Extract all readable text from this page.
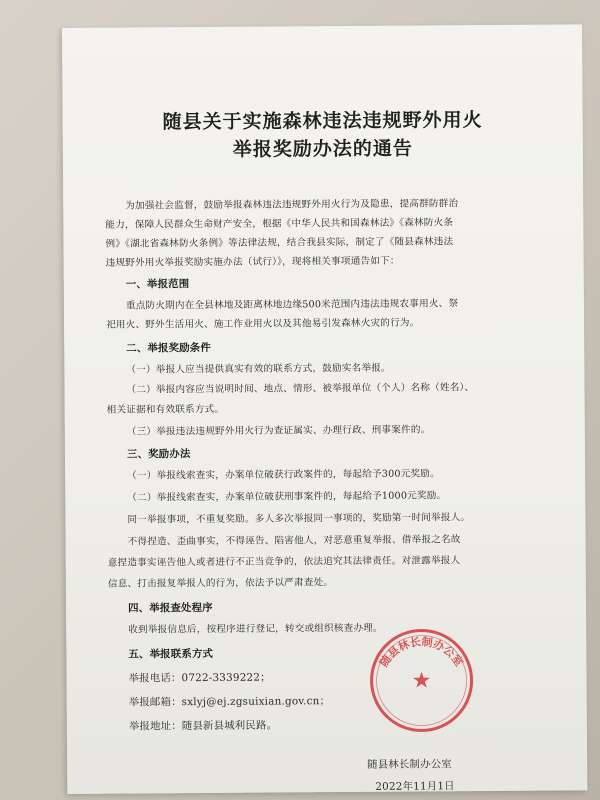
随县关于实施森林违法违规野外用火
举报奖励办法的通告
为加强社会监督，鼓励举报森林违法违规野外用火行为及隐患，提高群防群治
能力，保障人民群众生命财产安全，根据《中华人民共和国森林法》《森林防火条
例》《湖北省森林防火条例》等法律法规，结合我县实际，制定了《随县森林违法
违规野外用火举报奖励实施办法（试行）》，现将相关事项通告如下：
一、举报范围
重点防火期内在全县林地及距离林地边缘500米范围内违法违规农事用火、祭
祀用火、野外生活用火、施工作业用火以及其他易引发森林火灾的行为。
二、举报奖励条件
（一）举报人应当提供真实有效的联系方式，鼓励实名举报。
（二）举报内容应当说明时间、地点、情形、被举报单位（个人）名称（姓名）、
相关证据和有效联系方式。
（三）举报违法违规野外用火行为查证属实、办理行政、刑事案件的。
三、奖励办法
（一）举报线索查实，办案单位破获行政案件的，每起给予300元奖励。
（二）举报线索查实，办案单位破获刑事案件的，每起给予1000元奖励。
同一举报事项，不重复奖励。多人多次举报同一事项的，奖励第一时间举报人。
不得捏造、歪曲事实，不得诬告、陷害他人，对恶意重复举报、借举报之名故
意捏造事实诬告他人或者进行不正当竞争的，依法追究其法律责任。对泄露举报人
信息、打击报复举报人的行为，依法予以严肃查处。
四、举报查处程序
收到举报信息后，按程序进行登记，转交或组织核查办理。
五、举报联系方式
举报电话：0722-3339222；
举报邮箱：sxlyj@ej.zgsuixian.gov.cn；
举报地址：随县新县城利民路。
★
随县林长制办公室
随县林长制办公室
2022年11月1日
